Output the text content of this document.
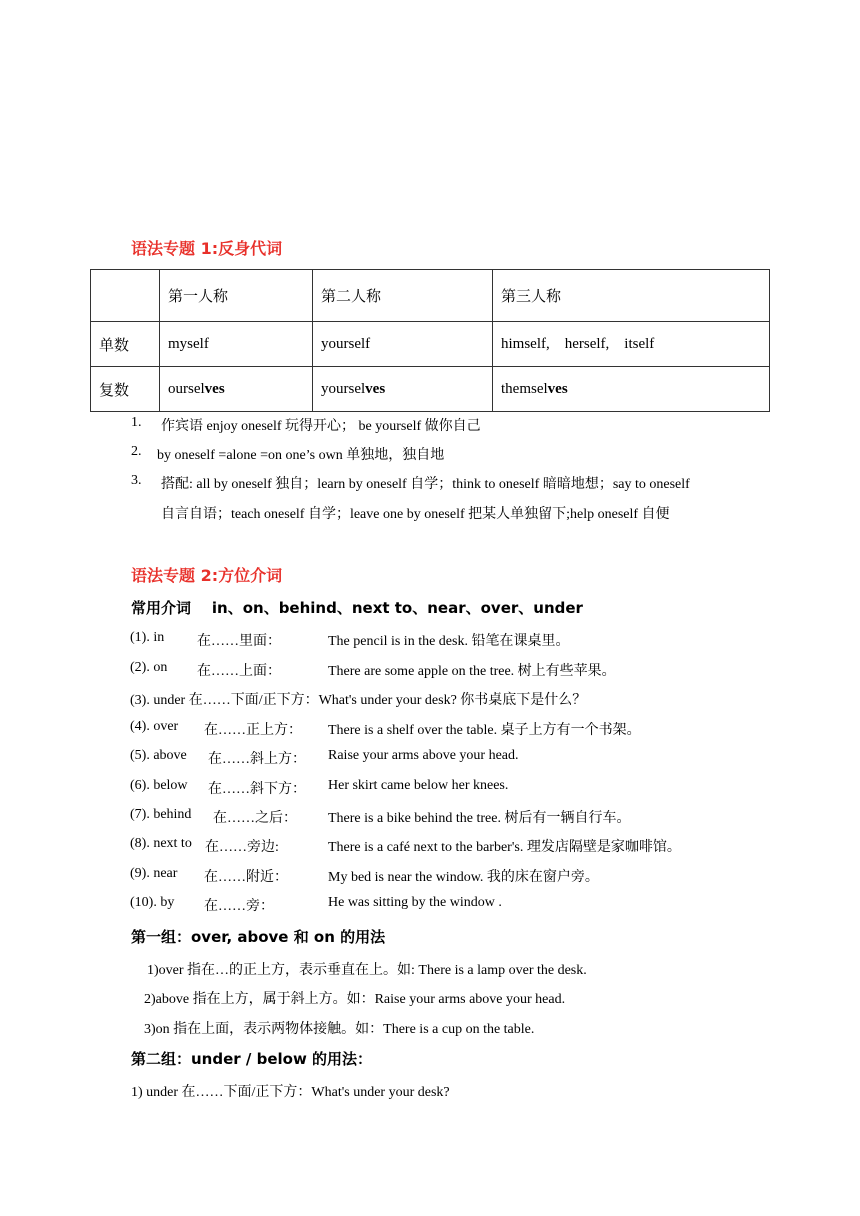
语法专题 1:反身代词
	第一人称	第二人称	第三人称
单数	myself	yourself	himself,    herself,    itself
复数	ourselves	yourselves	themselves
1. 作宾语 enjoy oneself 玩得开心； be yourself 做你自己
2. by oneself =alone =on one’s own 单独地，独自地
3. 搭配: all by oneself 独自；learn by oneself 自学；think to oneself 暗暗地想；say to oneself
自言自语；teach oneself 自学；leave one by oneself 把某人单独留下;help oneself 自便
语法专题 2:方位介词
常用介词    in、on、behind、next to、near、over、under
(1). in 在……里面：	The pencil is in the desk. 铅笔在课桌里。
(2). on 在……上面：	There are some apple on the tree. 树上有些苹果。
(3). under 在……下面/正下方：What's under your desk? 你书桌底下是什么？
(4). over 在……正上方： There is a shelf over the table. 桌子上方有一个书架。
(5). above 在……斜上方： Raise your arms above your head.
(6). below 在……斜下方： Her skirt came below her knees.
(7). behind 在……之后： There is a bike behind the tree. 树后有一辆自行车。
(8). next to 在……旁边:	There is a café next to the barber's. 理发店隔壁是家咖啡馆。
(9). near 在……附近：	My bed is near the window. 我的床在窗户旁。
(10). by 在……旁：	He was sitting by the window .
第一组：over, above 和 on 的用法
1)over 指在…的正上方，表示垂直在上。如: There is a lamp over the desk.
2)above 指在上方，属于斜上方。如：Raise your arms above your head.
3)on 指在上面，表示两物体接触。如：There is a cup on the table.
第二组：under / below 的用法：
1) under 在……下面/正下方：What's under your desk?
